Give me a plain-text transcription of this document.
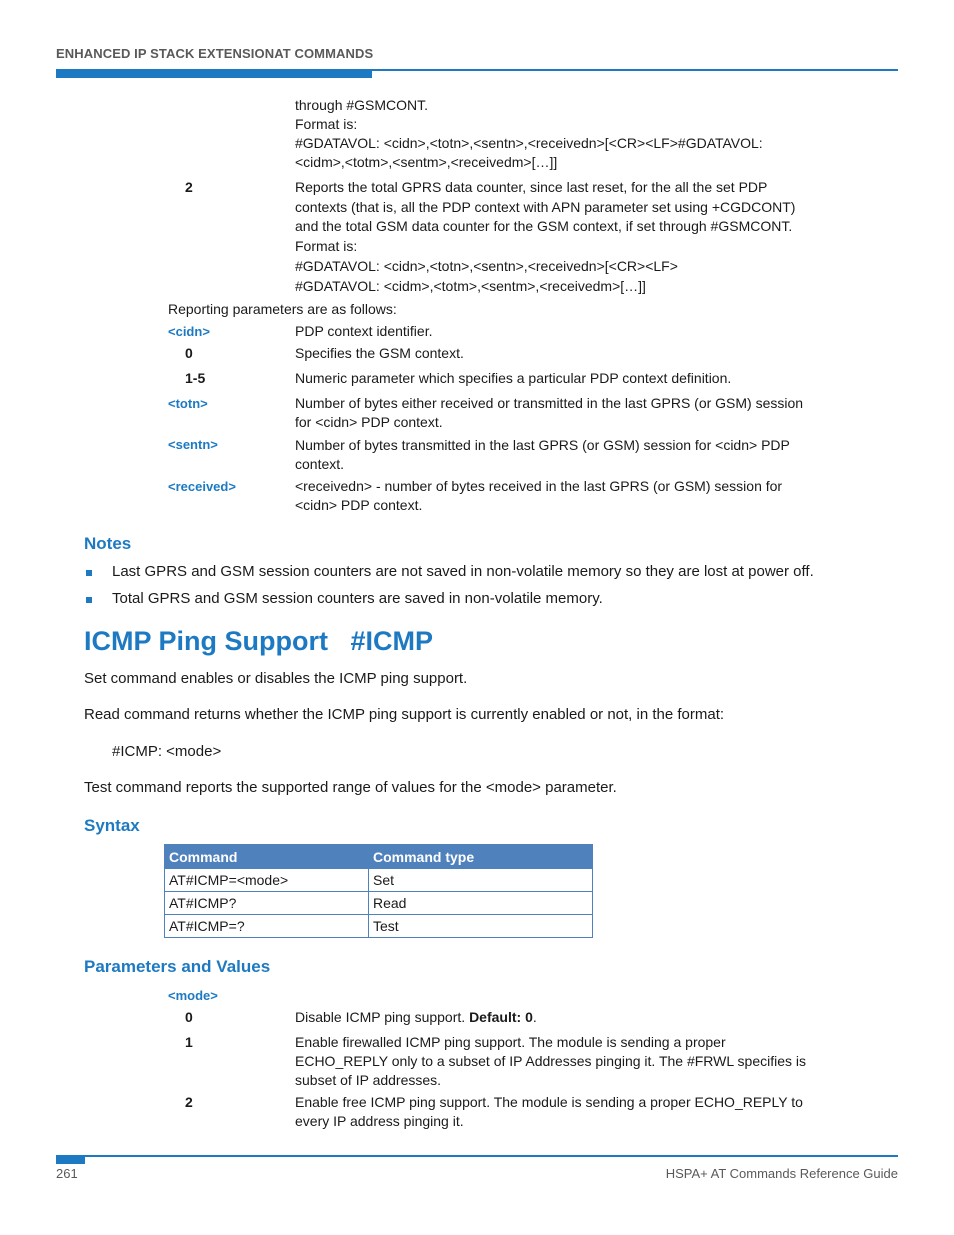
ENHANCED IP STACK EXTENSIONAT COMMANDS
through #GSMCONT.
Format is:
#GDATAVOL: <cidn>,<totn>,<sentn>,<receivedn>[<CR><LF>#GDATAVOL:
<cidm>,<totm>,<sentm>,<receivedm>[…]]
2	Reports the total GPRS data counter, since last reset, for the all the set PDP
contexts (that is, all the PDP context with APN parameter set using +CGDCONT)
and the total GSM data counter for the GSM context, if set through #GSMCONT.
Format is:
#GDATAVOL: <cidn>,<totn>,<sentn>,<receivedn>[<CR><LF>
#GDATAVOL: <cidm>,<totm>,<sentm>,<receivedm>[…]]
Reporting parameters are as follows:
<cidn>	PDP context identifier.
0	Specifies the GSM context.
1-5	Numeric parameter which specifies a particular PDP context definition.
<totn>	Number of bytes either received or transmitted in the last GPRS (or GSM) session
for <cidn> PDP context.
<sentn>	Number of bytes transmitted in the last GPRS (or GSM) session for <cidn> PDP
context.
<received>	<receivedn> - number of bytes received in the last GPRS (or GSM) session for
<cidn> PDP context.
Notes
Last GPRS and GSM session counters are not saved in non-volatile memory so they are lost at power off.
Total GPRS and GSM session counters are saved in non-volatile memory.
ICMP Ping Support   #ICMP
Set command enables or disables the ICMP ping support.
Read command returns whether the ICMP ping support is currently enabled or not, in the format:
#ICMP: <mode>
Test command reports the supported range of values for the <mode> parameter.
Syntax
Command	Command type
AT#ICMP=<mode>	Set
AT#ICMP?	Read
AT#ICMP=?	Test
Parameters and Values
<mode>
0	Disable ICMP ping support. Default: 0.
1	Enable firewalled ICMP ping support. The module is sending a proper
ECHO_REPLY only to a subset of IP Addresses pinging it. The #FRWL specifies is
subset of IP addresses.
2	Enable free ICMP ping support. The module is sending a proper ECHO_REPLY to
every IP address pinging it.
261	HSPA+ AT Commands Reference Guide
